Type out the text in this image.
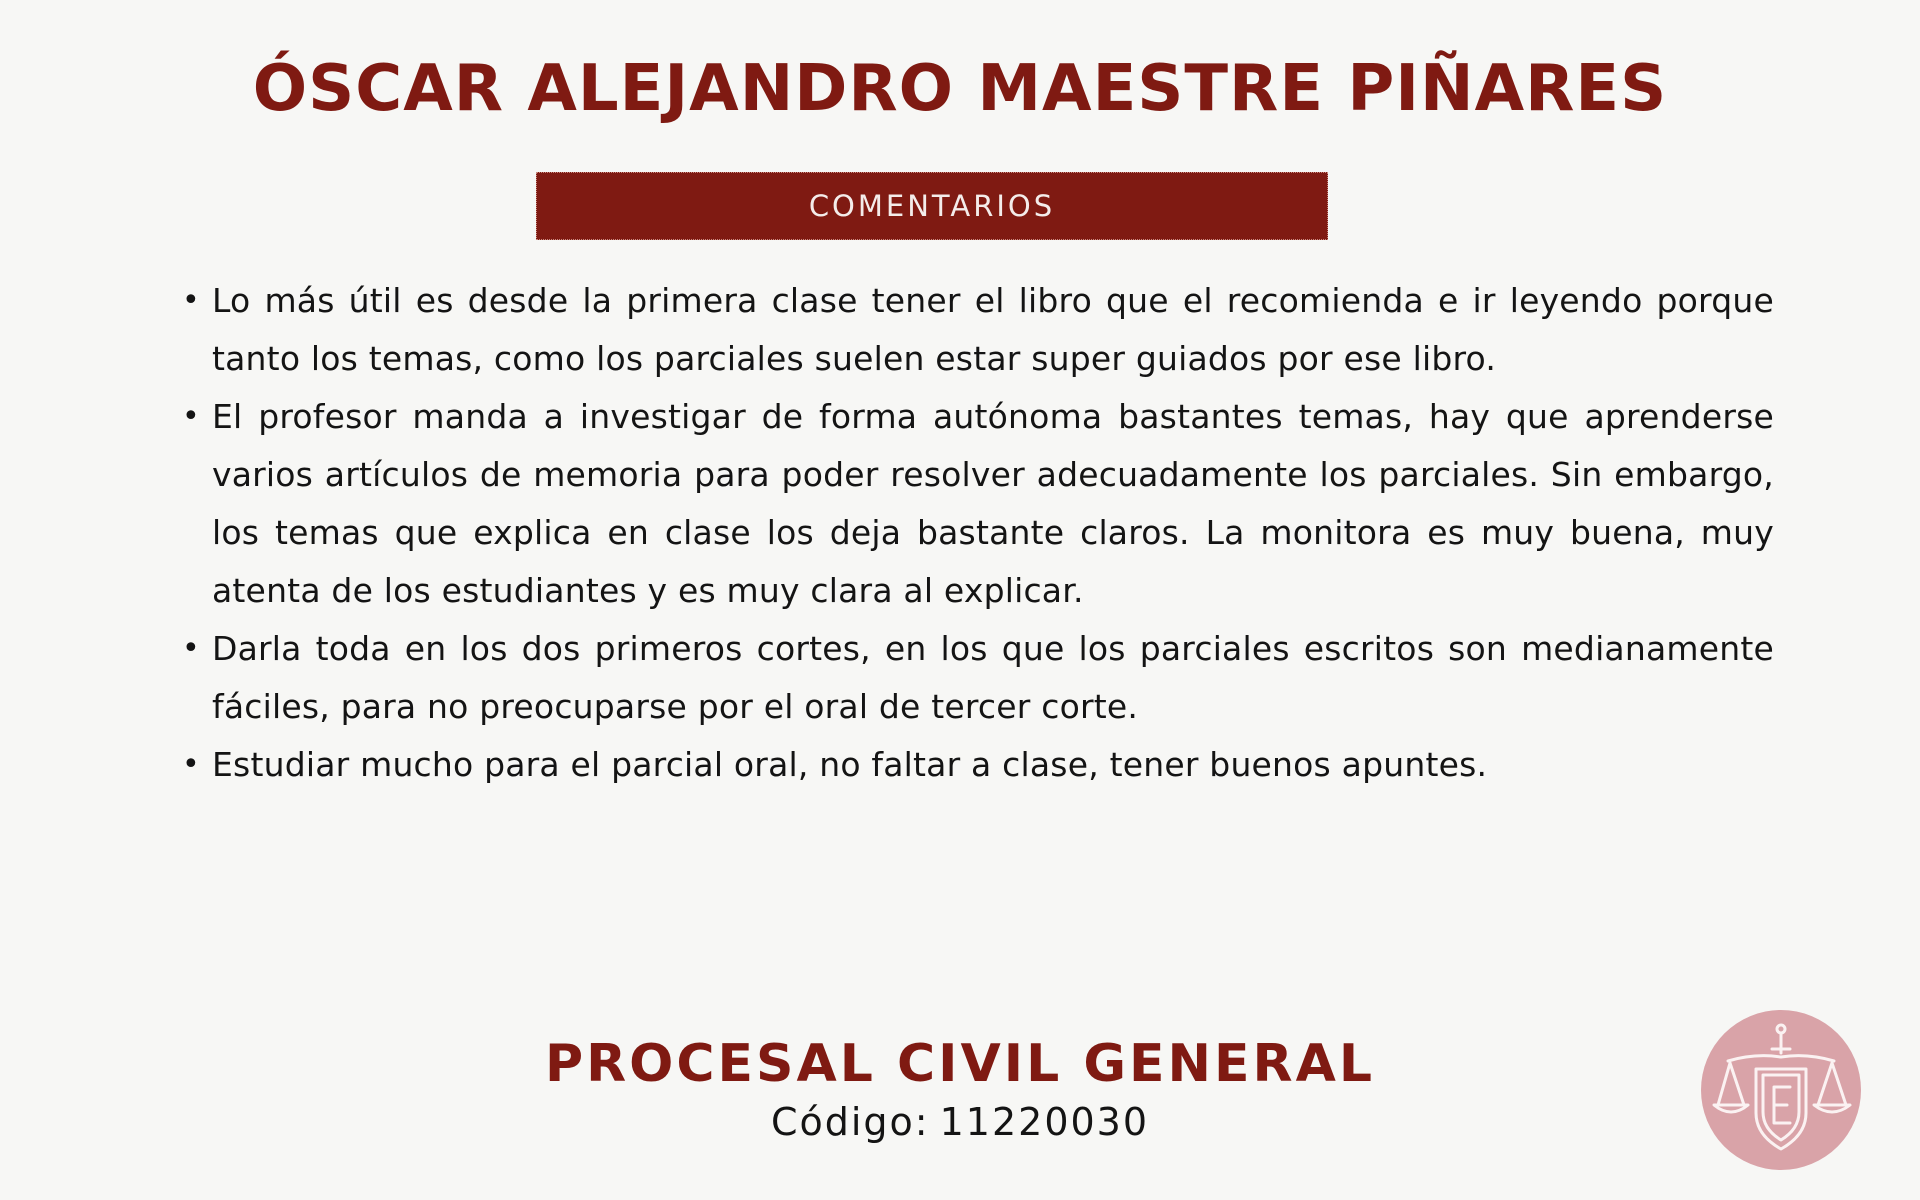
ÓSCAR ALEJANDRO MAESTRE PIÑARES
COMENTARIOS
• Lo más útil es desde la primera clase tener el libro que el recomienda e ir leyendo porque tanto los temas, como los parciales suelen estar super guiados por ese libro.
• El profesor manda a investigar de forma autónoma bastantes temas, hay que aprenderse varios artículos de memoria para poder resolver adecuadamente los parciales. Sin embargo, los temas que explica en clase los deja bastante claros. La monitora es muy buena, muy atenta de los estudiantes y es muy clara al explicar.
• Darla toda en los dos primeros cortes, en los que los parciales escritos son medianamente fáciles, para no preocuparse por el oral de tercer corte.
• Estudiar mucho para el parcial oral, no faltar a clase, tener buenos apuntes.
PROCESAL CIVIL GENERAL
Código: 11220030
